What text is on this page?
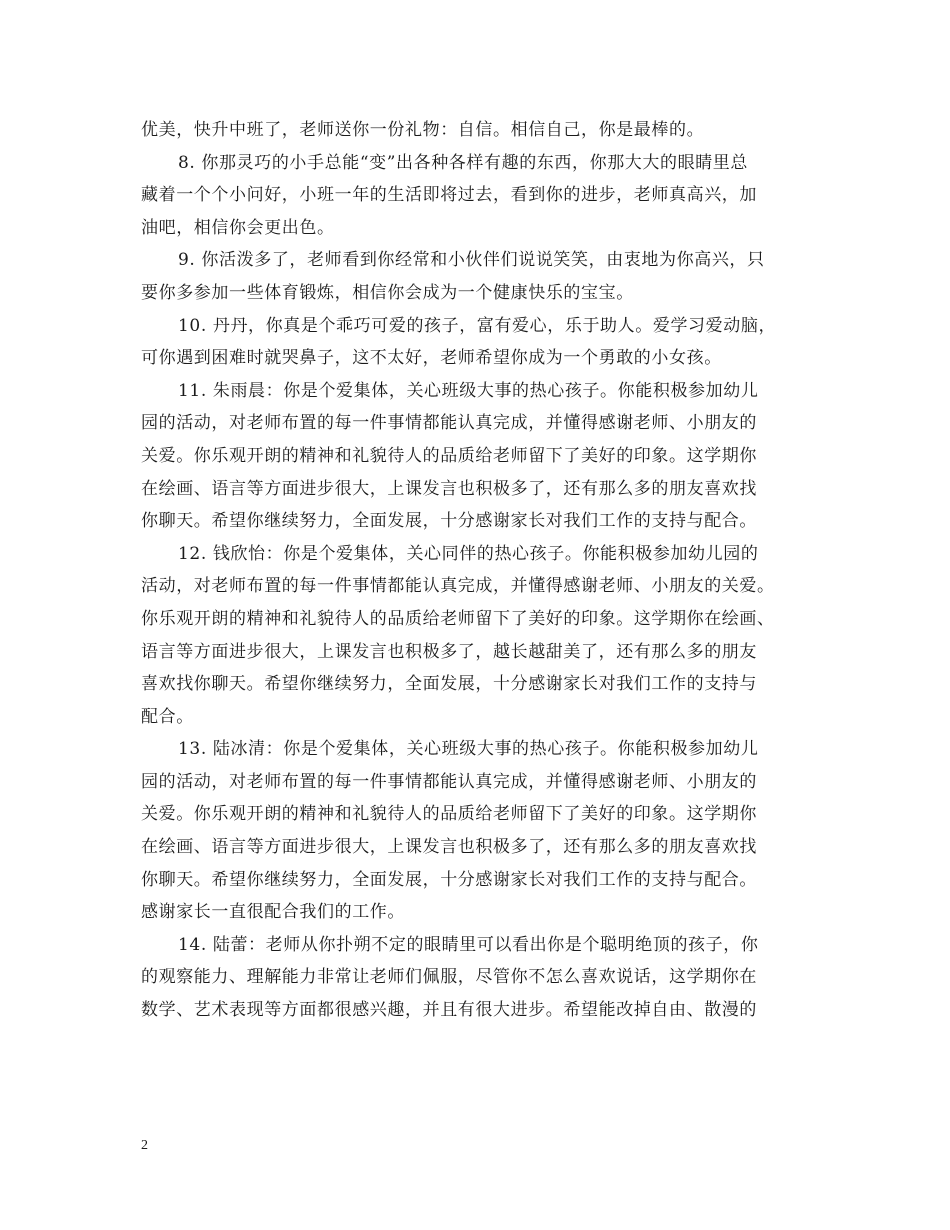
优美，快升中班了，老师送你一份礼物：自信。相信自己，你是最棒的。
8. 你那灵巧的小手总能“变”出各种各样有趣的东西，你那大大的眼睛里总
藏着一个个小问好，小班一年的生活即将过去，看到你的进步，老师真高兴，加
油吧，相信你会更出色。
9. 你活泼多了，老师看到你经常和小伙伴们说说笑笑，由衷地为你高兴，只
要你多参加一些体育锻炼，相信你会成为一个健康快乐的宝宝。
10. 丹丹，你真是个乖巧可爱的孩子，富有爱心，乐于助人。爱学习爱动脑，
可你遇到困难时就哭鼻子，这不太好，老师希望你成为一个勇敢的小女孩。
11. 朱雨晨：你是个爱集体，关心班级大事的热心孩子。你能积极参加幼儿
园的活动，对老师布置的每一件事情都能认真完成，并懂得感谢老师、小朋友的
关爱。你乐观开朗的精神和礼貌待人的品质给老师留下了美好的印象。这学期你
在绘画、语言等方面进步很大，上课发言也积极多了，还有那么多的朋友喜欢找
你聊天。希望你继续努力，全面发展，十分感谢家长对我们工作的支持与配合。
12. 钱欣怡：你是个爱集体，关心同伴的热心孩子。你能积极参加幼儿园的
活动，对老师布置的每一件事情都能认真完成，并懂得感谢老师、小朋友的关爱。
你乐观开朗的精神和礼貌待人的品质给老师留下了美好的印象。这学期你在绘画、
语言等方面进步很大，上课发言也积极多了，越长越甜美了，还有那么多的朋友
喜欢找你聊天。希望你继续努力，全面发展，十分感谢家长对我们工作的支持与
配合。
13. 陆冰清：你是个爱集体，关心班级大事的热心孩子。你能积极参加幼儿
园的活动，对老师布置的每一件事情都能认真完成，并懂得感谢老师、小朋友的
关爱。你乐观开朗的精神和礼貌待人的品质给老师留下了美好的印象。这学期你
在绘画、语言等方面进步很大，上课发言也积极多了，还有那么多的朋友喜欢找
你聊天。希望你继续努力，全面发展，十分感谢家长对我们工作的支持与配合。
感谢家长一直很配合我们的工作。
14. 陆蕾：老师从你扑朔不定的眼睛里可以看出你是个聪明绝顶的孩子，你
的观察能力、理解能力非常让老师们佩服，尽管你不怎么喜欢说话，这学期你在
数学、艺术表现等方面都很感兴趣，并且有很大进步。希望能改掉自由、散漫的
2
